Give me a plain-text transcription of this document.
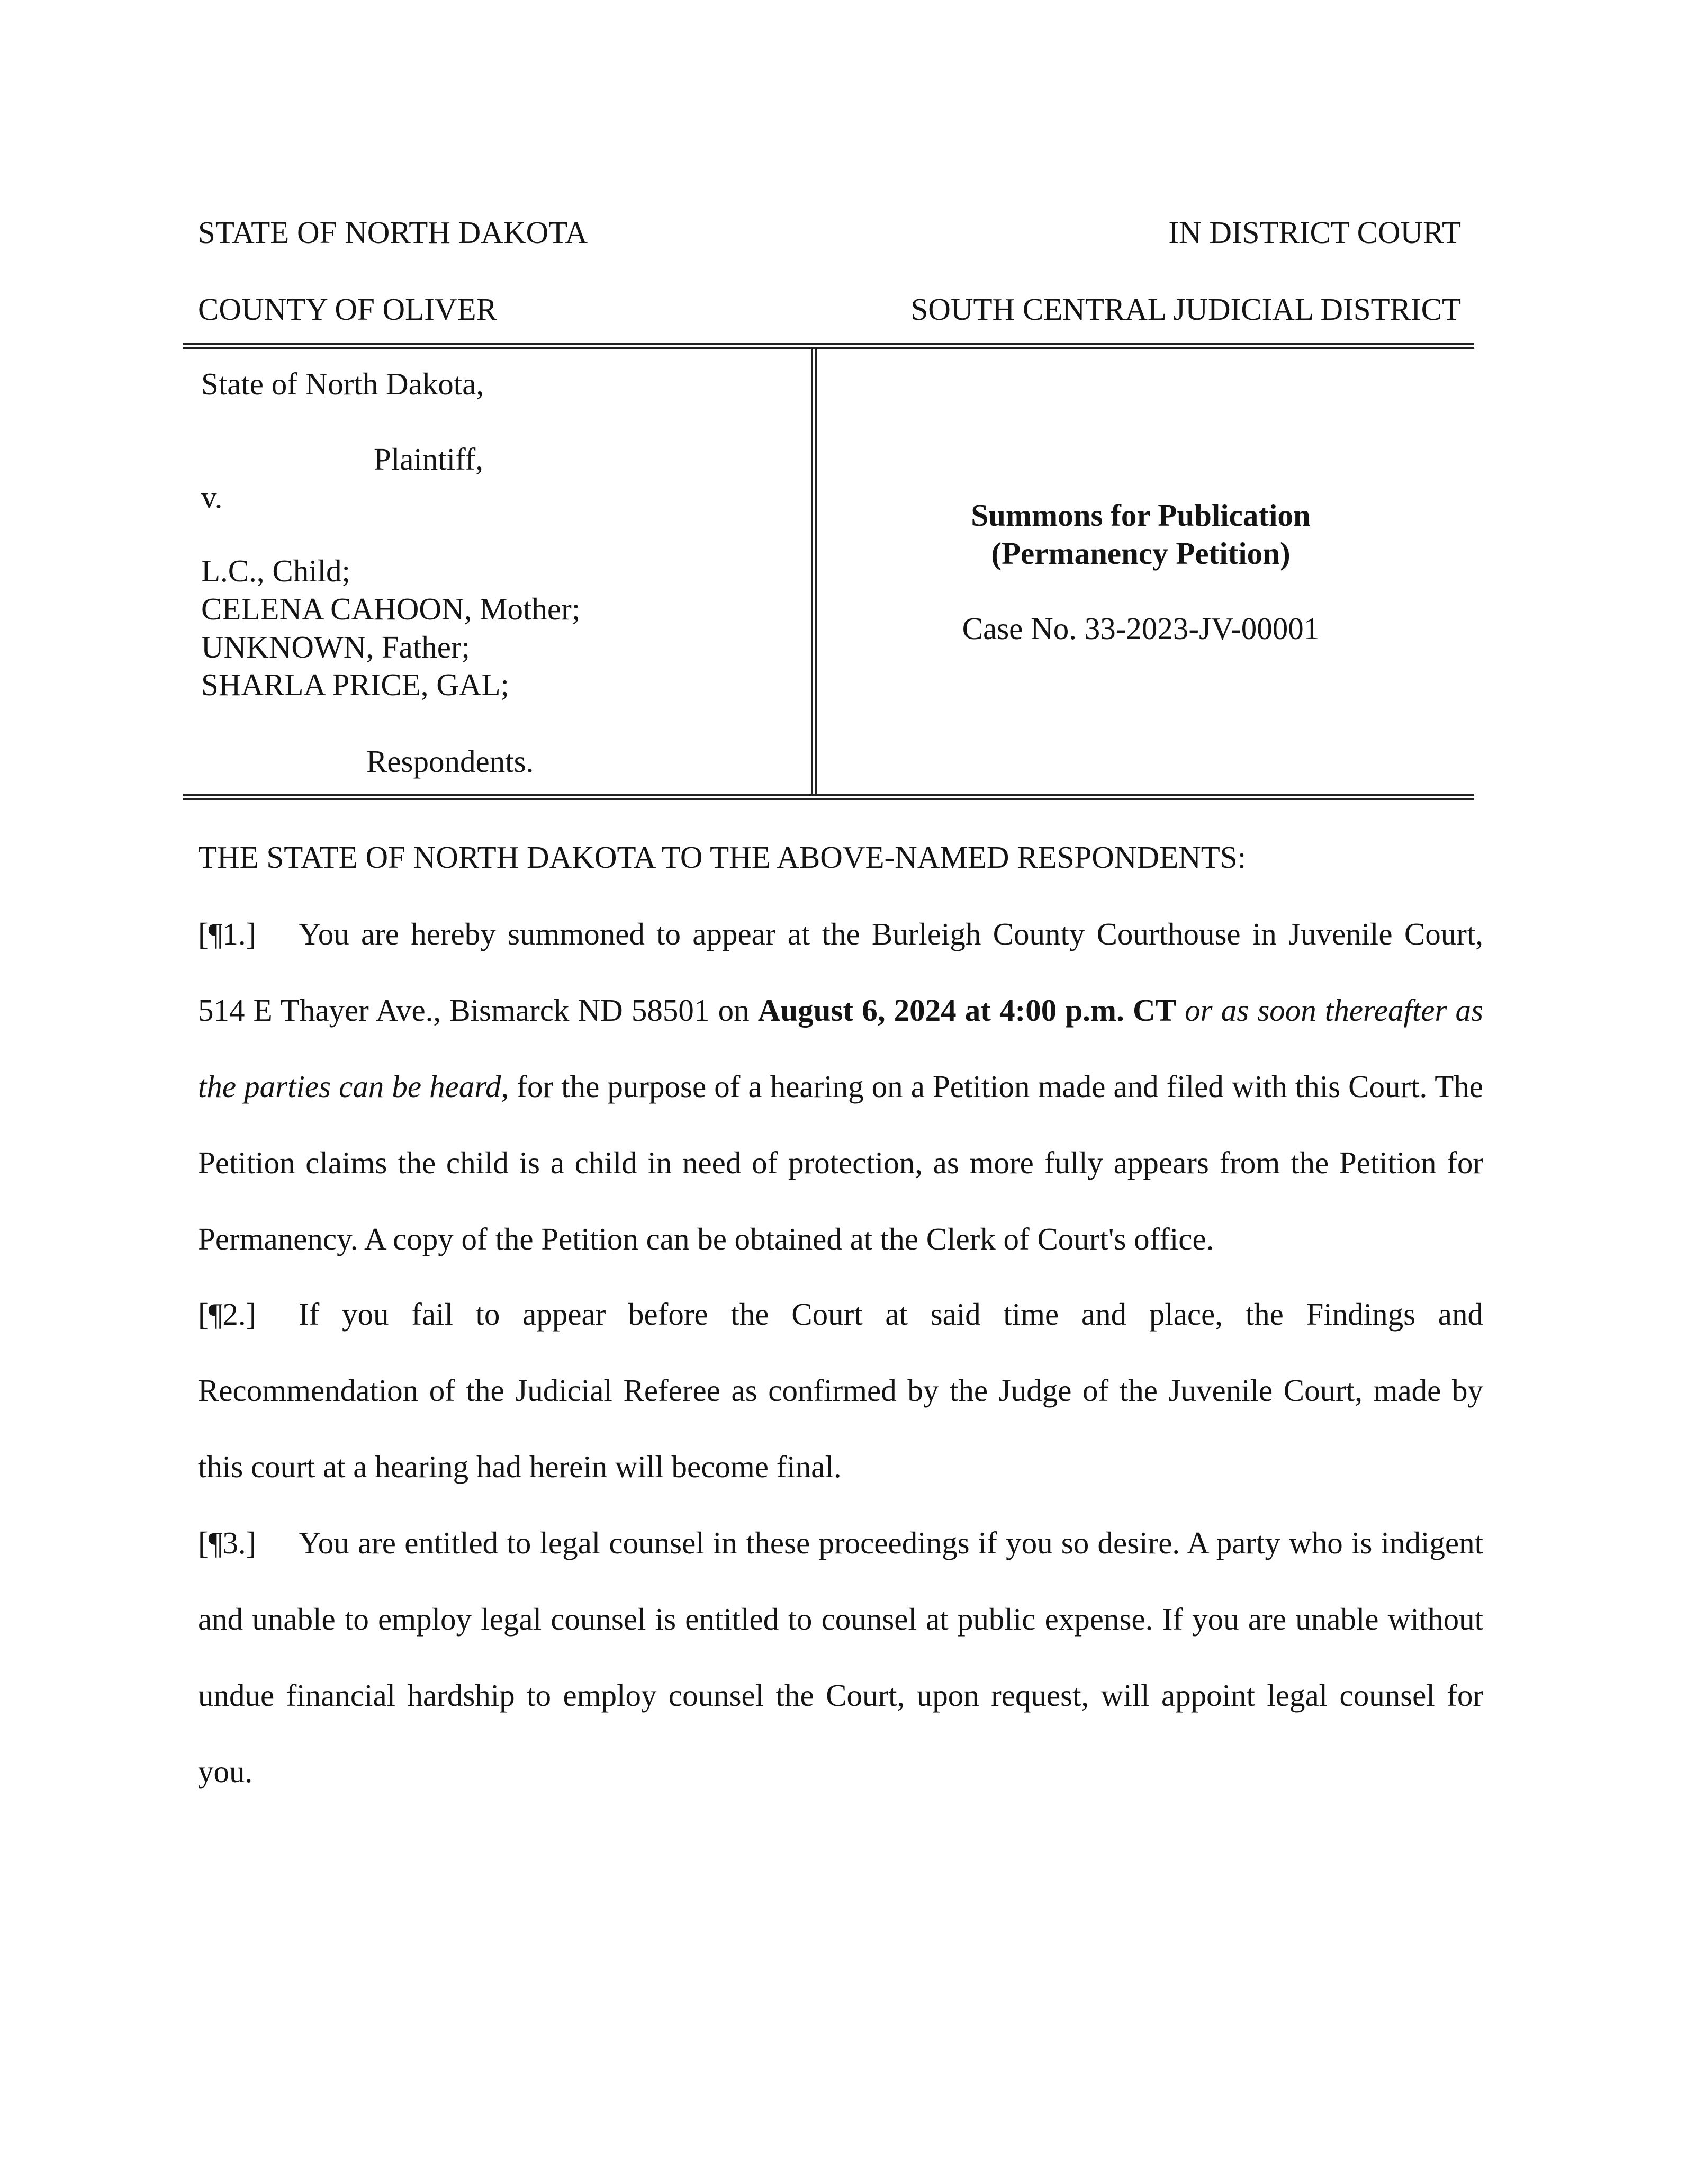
STATE OF NORTH DAKOTA	IN DISTRICT COURT
COUNTY OF OLIVER	SOUTH CENTRAL JUDICIAL DISTRICT
State of North Dakota,
Plaintiff,
v.
L.C., Child;
CELENA CAHOON, Mother;
UNKNOWN, Father;
SHARLA PRICE, GAL;
Respondents.
Summons for Publication
(Permanency Petition)
Case No. 33-2023-JV-00001
THE STATE OF NORTH DAKOTA TO THE ABOVE-NAMED RESPONDENTS:
[¶1.] You are hereby summoned to appear at the Burleigh County Courthouse in Juvenile Court, 514 E Thayer Ave., Bismarck ND 58501 on August 6, 2024 at 4:00 p.m. CT or as soon thereafter as the parties can be heard, for the purpose of a hearing on a Petition made and filed with this Court. The Petition claims the child is a child in need of protection, as more fully appears from the Petition for Permanency. A copy of the Petition can be obtained at the Clerk of Court's office.
[¶2.] If you fail to appear before the Court at said time and place, the Findings and Recommendation of the Judicial Referee as confirmed by the Judge of the Juvenile Court, made by this court at a hearing had herein will become final.
[¶3.] You are entitled to legal counsel in these proceedings if you so desire. A party who is indigent and unable to employ legal counsel is entitled to counsel at public expense. If you are unable without undue financial hardship to employ counsel the Court, upon request, will appoint legal counsel for you.
